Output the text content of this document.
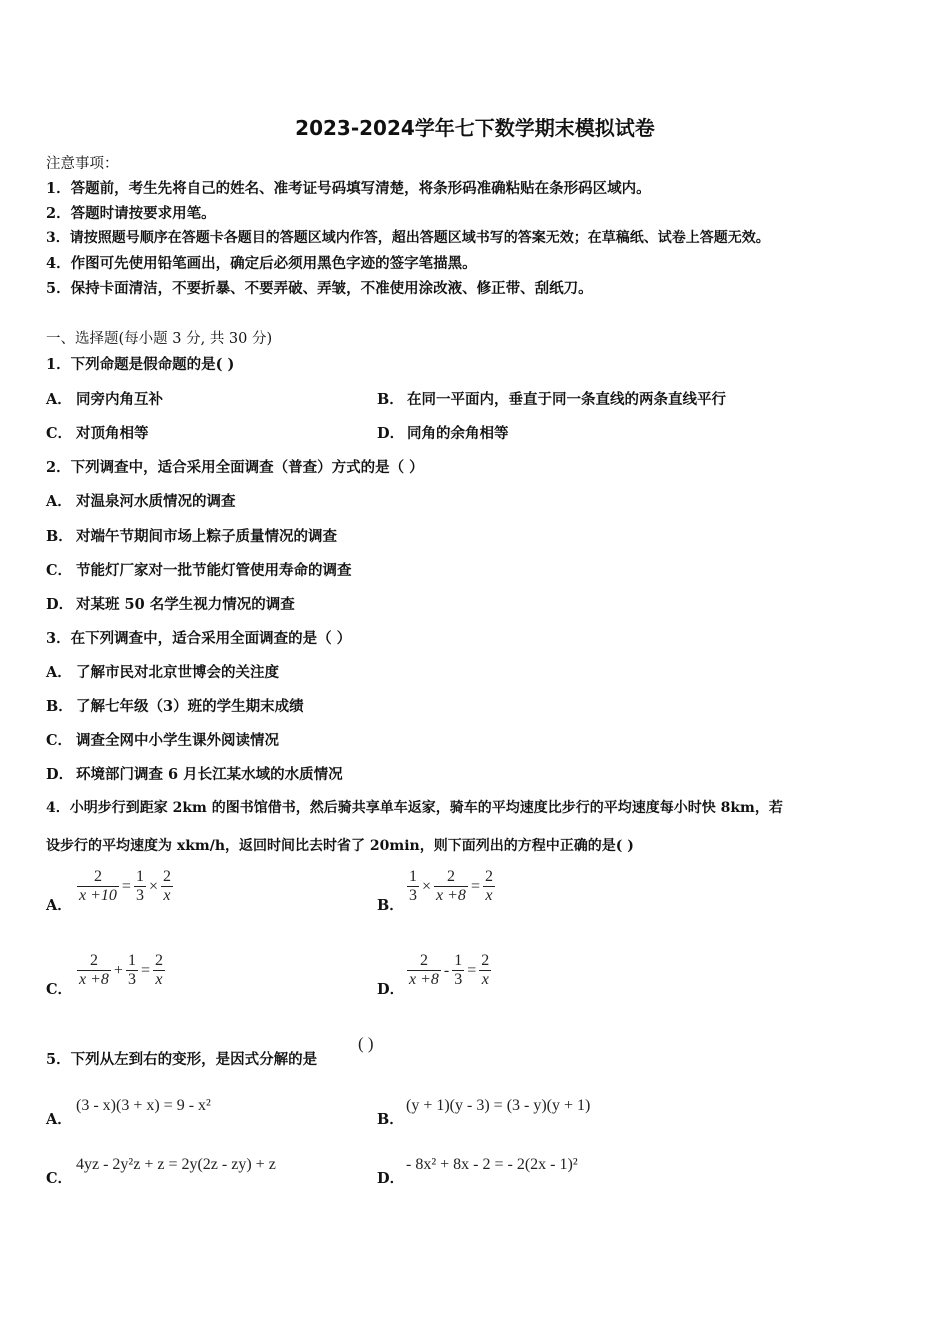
2023-2024学年七下数学期末模拟试卷
注意事项：
1．答题前，考生先将自己的姓名、准考证号码填写清楚，将条形码准确粘贴在条形码区域内。
2．答题时请按要求用笔。
3．请按照题号顺序在答题卡各题目的答题区域内作答，超出答题区域书写的答案无效；在草稿纸、试卷上答题无效。
4．作图可先使用铅笔画出，确定后必须用黑色字迹的签字笔描黑。
5．保持卡面清洁，不要折暴、不要弄破、弄皱，不准使用涂改液、修正带、刮纸刀。
一、选择题(每小题 3 分, 共 30 分)
1．下列命题是假命题的是( )
A． 同旁内角互补	B． 在同一平面内，垂直于同一条直线的两条直线平行
C． 对顶角相等	D． 同角的余角相等
2．下列调查中，适合采用全面调查（普查）方式的是（ ）
A． 对温泉河水质情况的调查
B． 对端午节期间市场上粽子质量情况的调查
C． 节能灯厂家对一批节能灯管使用寿命的调查
D． 对某班 50 名学生视力情况的调查
3．在下列调查中，适合采用全面调查的是（ ）
A． 了解市民对北京世博会的关注度
B． 了解七年级（3）班的学生期末成绩
C． 调查全网中小学生课外阅读情况
D． 环境部门调查 6 月长江某水域的水质情况
4．小明步行到距家 2km 的图书馆借书，然后骑共享单车返家，骑车的平均速度比步行的平均速度每小时快 8km，若
设步行的平均速度为 xkm/h，返回时间比去时省了 20min，则下面列出的方程中正确的是( )
A．
$\frac{2}{x +10} = \frac{1}{3} \times \frac{2}{x}$
B．
$\frac{1}{3} \times \frac{2}{x +8} = \frac{2}{x}$
C．
$\frac{2}{x +8} + \frac{1}{3} = \frac{2}{x}$
D．
$\frac{2}{x +8} - \frac{1}{3} = \frac{2}{x}$
5．下列从左到右的变形，是因式分解的是
( )
A．
(3 - x)(3 + x) = 9 - x²
B．
(y + 1)(y - 3) = (3 - y)(y + 1)
C．
4yz - 2y²z + z = 2y(2z - zy) + z
D．
- 8x² + 8x - 2 = - 2(2x - 1)²
